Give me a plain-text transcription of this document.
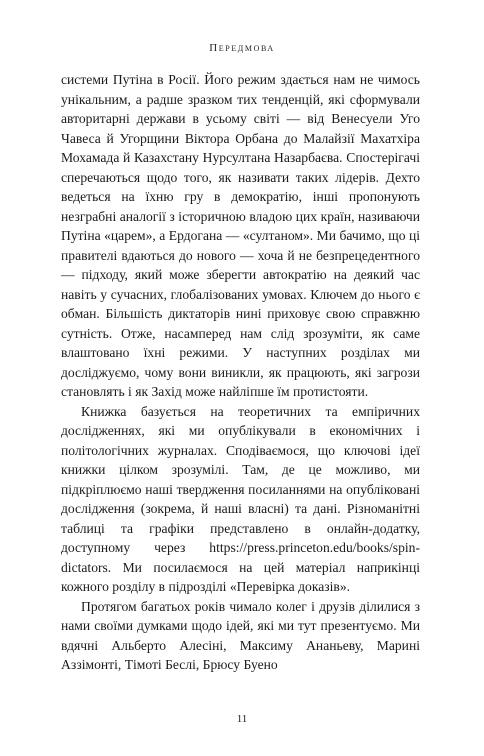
Передмова

системи Путіна в Росії. Його режим здається нам не чимось унікальним, а радше зразком тих тенденцій, які сформували авторитарні держави в усьому світі — від Венесуели Уго Чавеса й Угорщини Віктора Орбана до Малайзії Махатхіра Мохамада й Казахстану Нурсултана Назарбаєва. Спостерігачі сперечаються щодо того, як називати таких лідерів. Дехто ведеться на їхню гру в демократію, інші пропонують незграбні аналогії з історичною владою цих країн, називаючи Путіна «царем», а Ердогана — «султаном». Ми бачимо, що ці правителі вдаються до нового — хоча й не безпрецедентного — підходу, який може зберегти автократію на деякий час навіть у сучасних, глобалізованих умовах. Ключем до нього є обман. Більшість диктаторів нині приховує свою справжню сутність. Отже, насамперед нам слід зрозуміти, як саме влаштовано їхні режими. У наступних розділах ми досліджуємо, чому вони виникли, як працюють, які загрози становлять і як Захід може найліпше їм протистояти.

Книжка базується на теоретичних та емпіричних дослідженнях, які ми опублікували в економічних і політологічних журналах. Сподіваємося, що ключові ідеї книжки цілком зрозумілі. Там, де це можливо, ми підкріплюємо наші твердження посиланнями на опубліковані дослідження (зокрема, й наші власні) та дані. Різноманітні таблиці та графіки представлено в онлайн-додатку, доступному через https://press.princeton.edu/books/spin-dictators. Ми посилаємося на цей матеріал наприкінці кожного розділу в підрозділі «Перевірка доказів».

Протягом багатьох років чимало колег і друзів ділилися з нами своїми думками щодо ідей, які ми тут презентуємо. Ми вдячні Альберто Алесіні, Максиму Ананьеву, Марині Аззімонті, Тімоті Беслі, Брюсу Буено

11
